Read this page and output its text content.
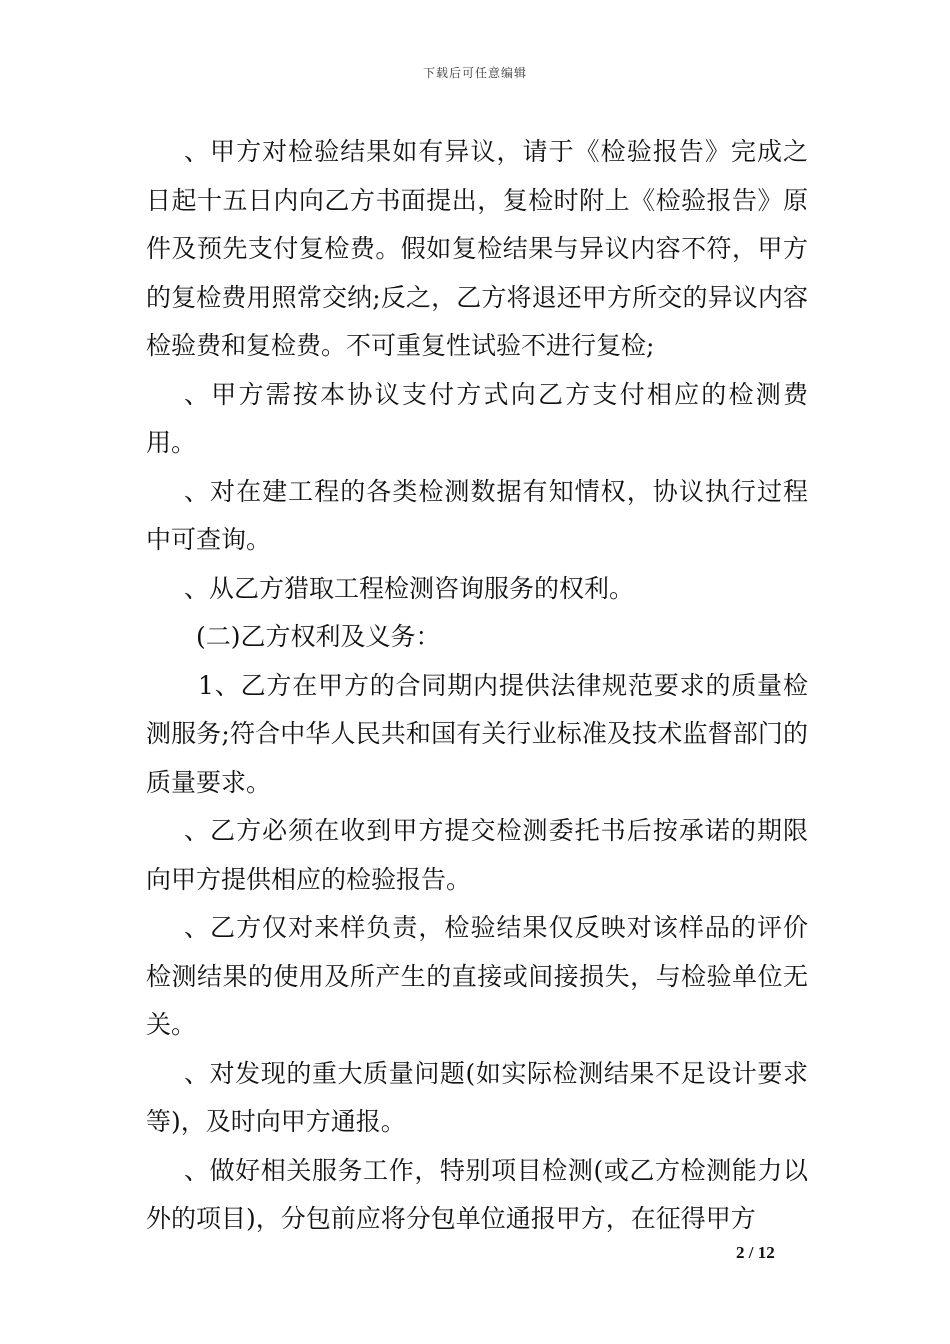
下载后可任意编辑

、甲方对检验结果如有异议，请于《检验报告》完成之日起十五日内向乙方书面提出，复检时附上《检验报告》原件及预先支付复检费。假如复检结果与异议内容不符，甲方的复检费用照常交纳;反之，乙方将退还甲方所交的异议内容检验费和复检费。不可重复性试验不进行复检;

、甲方需按本协议支付方式向乙方支付相应的检测费用。

、对在建工程的各类检测数据有知情权，协议执行过程中可查询。

、从乙方猎取工程检测咨询服务的权利。

(二)乙方权利及义务：

1、乙方在甲方的合同期内提供法律规范要求的质量检测服务;符合中华人民共和国有关行业标准及技术监督部门的质量要求。

、乙方必须在收到甲方提交检测委托书后按承诺的期限向甲方提供相应的检验报告。

、乙方仅对来样负责，检验结果仅反映对该样品的评价检测结果的使用及所产生的直接或间接损失，与检验单位无关。

、对发现的重大质量问题(如实际检测结果不足设计要求等)，及时向甲方通报。

、做好相关服务工作，特别项目检测(或乙方检测能力以外的项目)，分包前应将分包单位通报甲方，在征得甲方

2 / 12
